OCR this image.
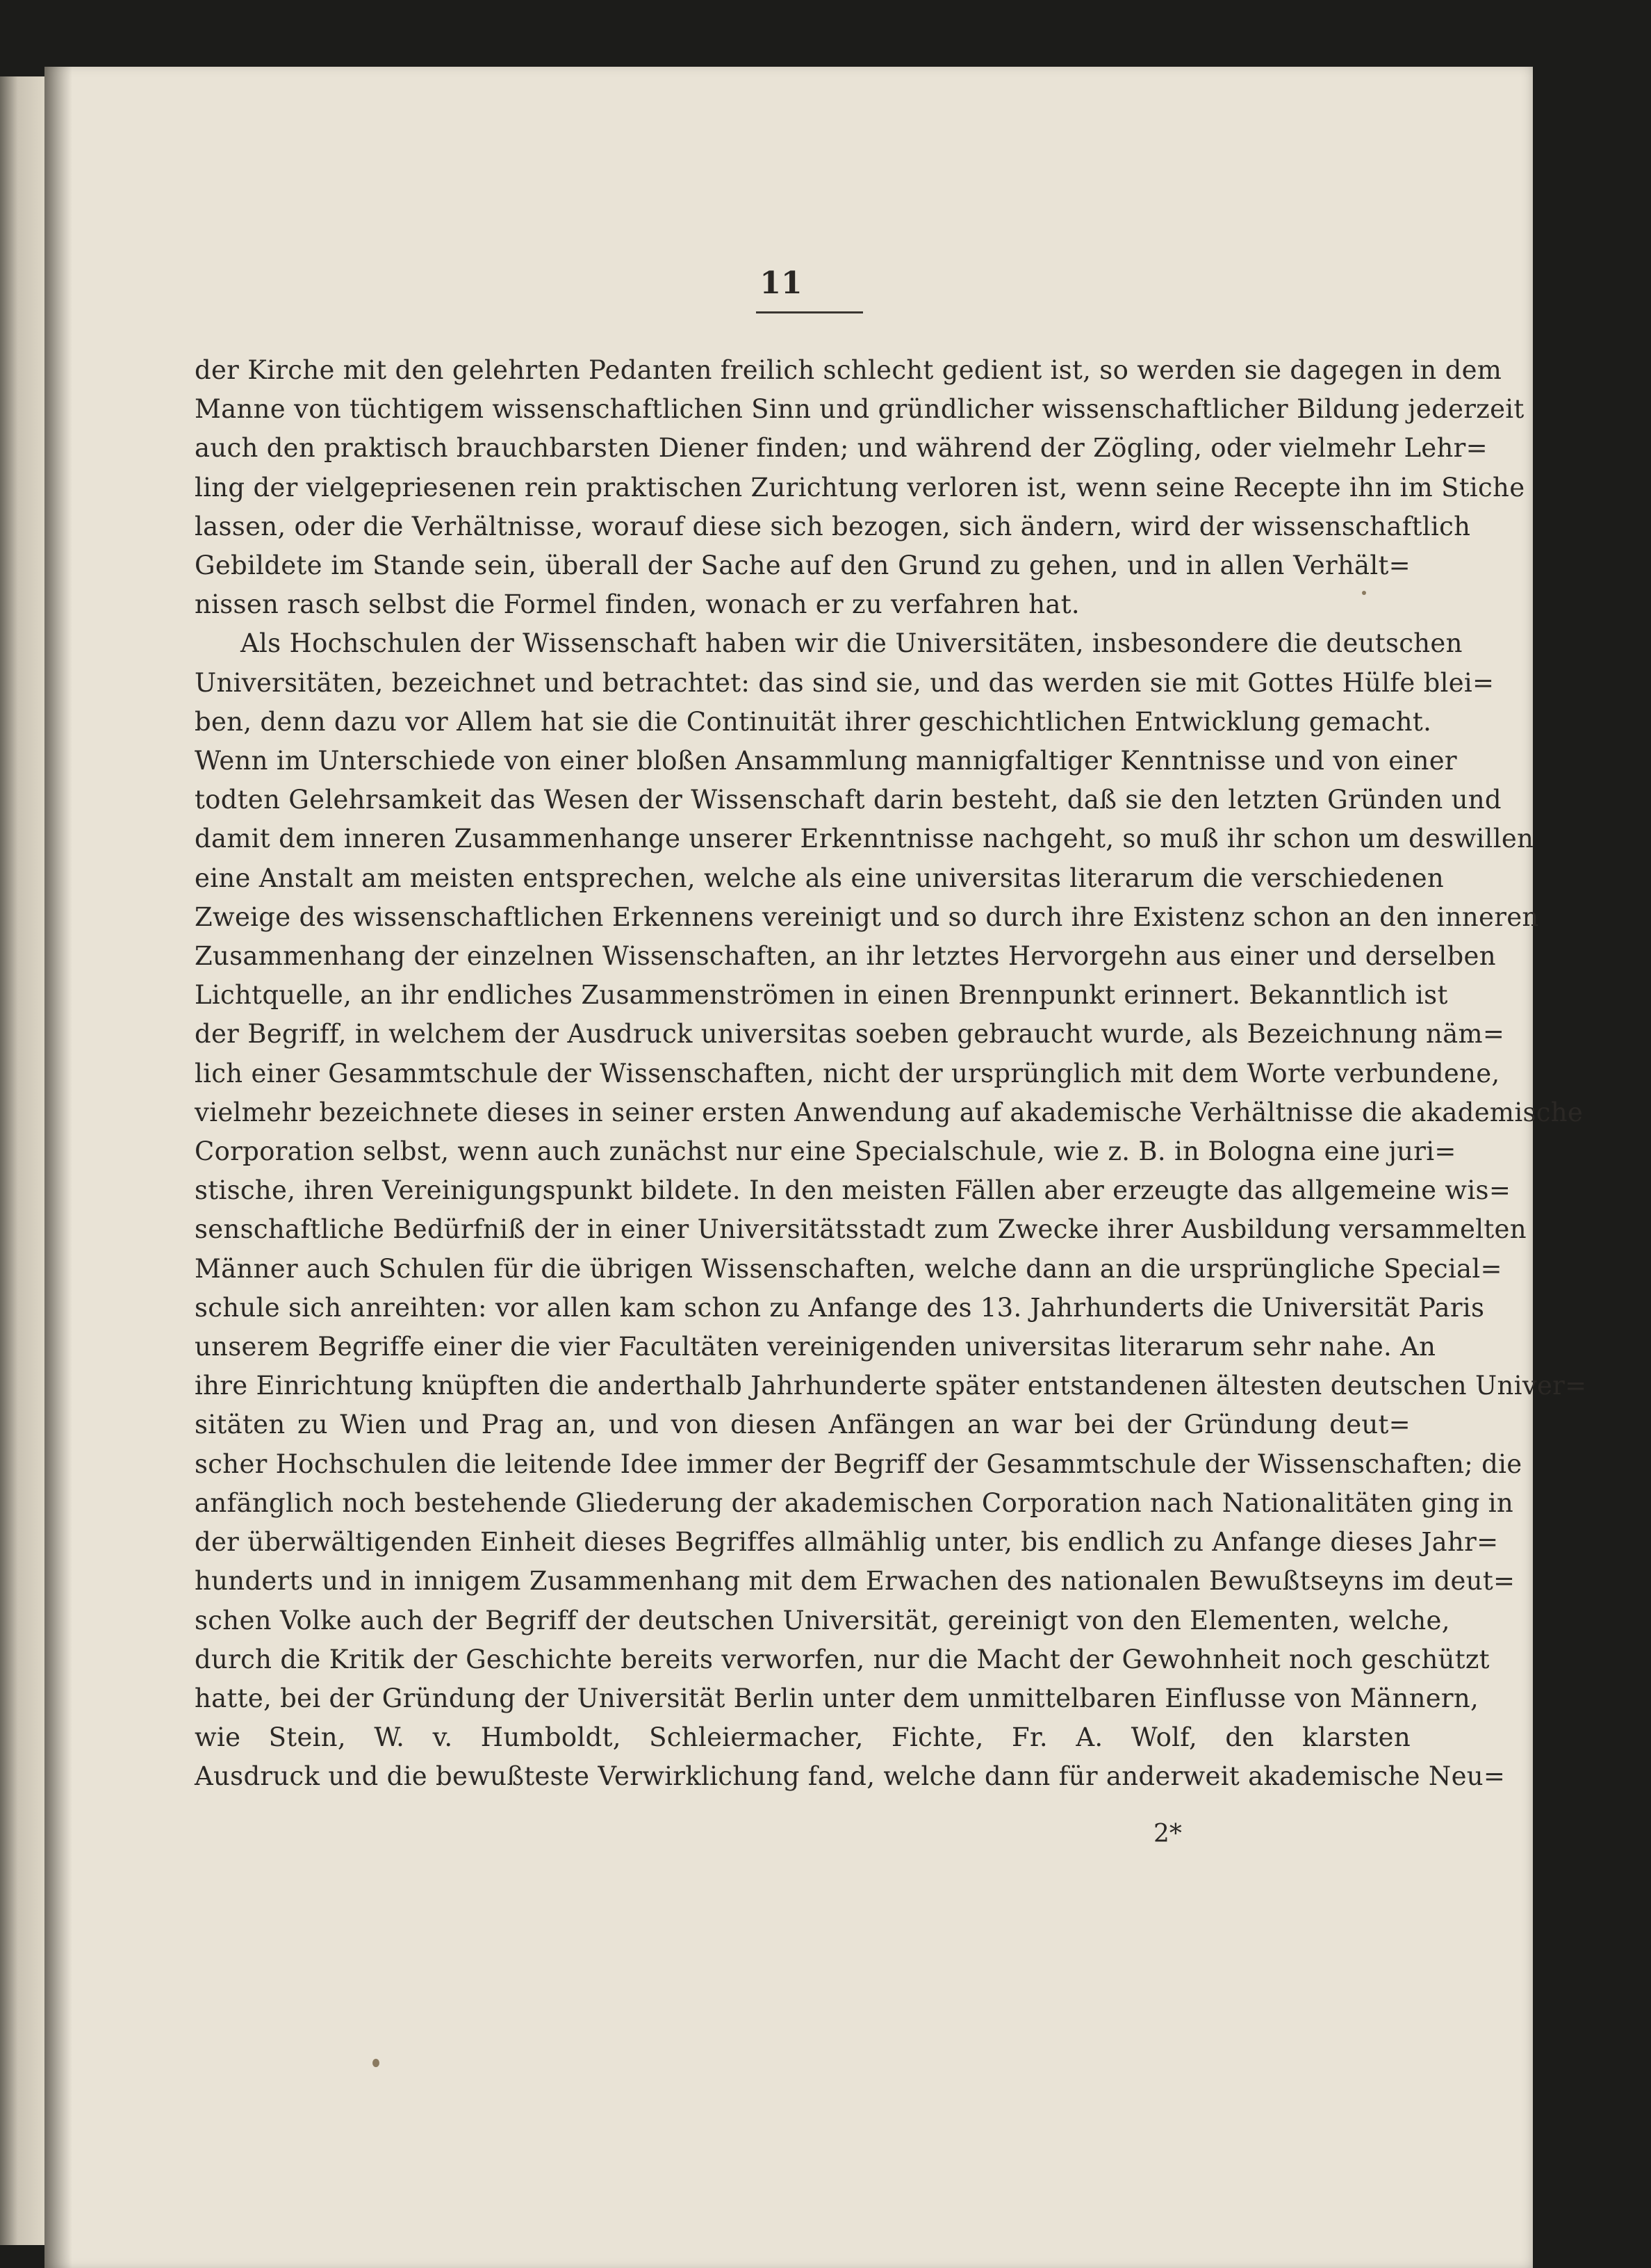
11
der Kirche mit den gelehrten Pedanten freilich schlecht gedient ist, so werden sie dagegen in dem
Manne von tüchtigem wissenschaftlichen Sinn und gründlicher wissenschaftlicher Bildung jederzeit
auch den praktisch brauchbarsten Diener finden; und während der Zögling, oder vielmehr Lehr=
ling der vielgepriesenen rein praktischen Zurichtung verloren ist, wenn seine Recepte ihn im Stiche
lassen, oder die Verhältnisse, worauf diese sich bezogen, sich ändern, wird der wissenschaftlich
Gebildete im Stande sein, überall der Sache auf den Grund zu gehen, und in allen Verhält=
nissen rasch selbst die Formel finden, wonach er zu verfahren hat.
Als Hochschulen der Wissenschaft haben wir die Universitäten, insbesondere die deutschen
Universitäten, bezeichnet und betrachtet: das sind sie, und das werden sie mit Gottes Hülfe blei=
ben, denn dazu vor Allem hat sie die Continuität ihrer geschichtlichen Entwicklung gemacht.
Wenn im Unterschiede von einer bloßen Ansammlung mannigfaltiger Kenntnisse und von einer
todten Gelehrsamkeit das Wesen der Wissenschaft darin besteht, daß sie den letzten Gründen und
damit dem inneren Zusammenhange unserer Erkenntnisse nachgeht, so muß ihr schon um deswillen
eine Anstalt am meisten entsprechen, welche als eine universitas literarum die verschiedenen
Zweige des wissenschaftlichen Erkennens vereinigt und so durch ihre Existenz schon an den inneren
Zusammenhang der einzelnen Wissenschaften, an ihr letztes Hervorgehn aus einer und derselben
Lichtquelle, an ihr endliches Zusammenströmen in einen Brennpunkt erinnert. Bekanntlich ist
der Begriff, in welchem der Ausdruck universitas soeben gebraucht wurde, als Bezeichnung näm=
lich einer Gesammtschule der Wissenschaften, nicht der ursprünglich mit dem Worte verbundene,
vielmehr bezeichnete dieses in seiner ersten Anwendung auf akademische Verhältnisse die akademische
Corporation selbst, wenn auch zunächst nur eine Specialschule, wie z. B. in Bologna eine juri=
stische, ihren Vereinigungspunkt bildete. In den meisten Fällen aber erzeugte das allgemeine wis=
senschaftliche Bedürfniß der in einer Universitätsstadt zum Zwecke ihrer Ausbildung versammelten
Männer auch Schulen für die übrigen Wissenschaften, welche dann an die ursprüngliche Special=
schule sich anreihten: vor allen kam schon zu Anfange des 13. Jahrhunderts die Universität Paris
unserem Begriffe einer die vier Facultäten vereinigenden universitas literarum sehr nahe. An
ihre Einrichtung knüpften die anderthalb Jahrhunderte später entstandenen ältesten deutschen Univer=
sitäten zu Wien und Prag an, und von diesen Anfängen an war bei der Gründung deut=
scher Hochschulen die leitende Idee immer der Begriff der Gesammtschule der Wissenschaften; die
anfänglich noch bestehende Gliederung der akademischen Corporation nach Nationalitäten ging in
der überwältigenden Einheit dieses Begriffes allmählig unter, bis endlich zu Anfange dieses Jahr=
hunderts und in innigem Zusammenhang mit dem Erwachen des nationalen Bewußtseyns im deut=
schen Volke auch der Begriff der deutschen Universität, gereinigt von den Elementen, welche,
durch die Kritik der Geschichte bereits verworfen, nur die Macht der Gewohnheit noch geschützt
hatte, bei der Gründung der Universität Berlin unter dem unmittelbaren Einflusse von Männern,
wie Stein, W. v. Humboldt, Schleiermacher, Fichte, Fr. A. Wolf, den klarsten
Ausdruck und die bewußteste Verwirklichung fand, welche dann für anderweit akademische Neu=
2*
